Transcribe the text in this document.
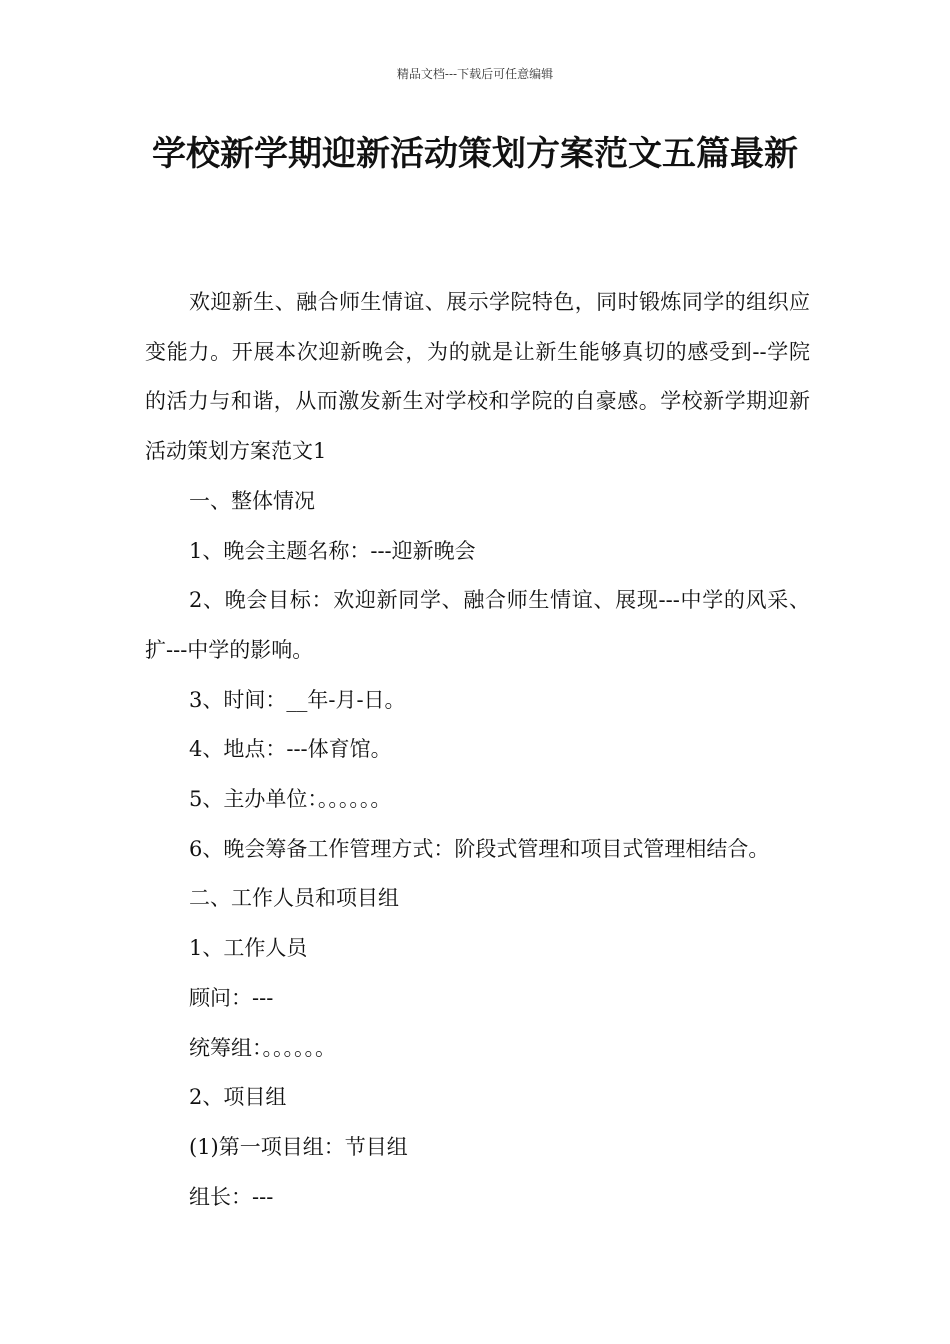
精品文档---下载后可任意编辑
学校新学期迎新活动策划方案范文五篇最新

欢迎新生、融合师生情谊、展示学院特色，同时锻炼同学的组织应变能力。开展本次迎新晚会，为的就是让新生能够真切的感受到--学院的活力与和谐，从而激发新生对学校和学院的自豪感。学校新学期迎新活动策划方案范文1

一、整体情况

1、晚会主题名称：---迎新晚会

2、晚会目标：欢迎新同学、融合师生情谊、展现---中学的风采、扩---中学的影响。

3、时间：__年-月-日。

4、地点：---体育馆。

5、主办单位：。。。。。。

6、晚会筹备工作管理方式：阶段式管理和项目式管理相结合。

二、工作人员和项目组

1、工作人员

顾问：---

统筹组：。。。。。。

2、项目组

(1)第一项目组：节目组

组长：---
